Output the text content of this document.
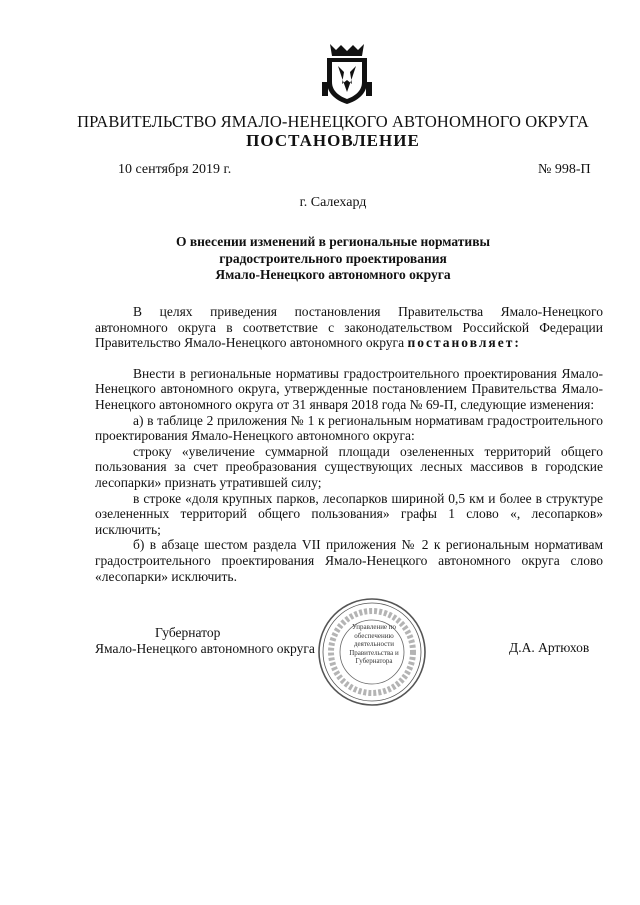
ПРАВИТЕЛЬСТВО ЯМАЛО-НЕНЕЦКОГО АВТОНОМНОГО ОКРУГА
ПОСТАНОВЛЕНИЕ
10 сентября 2019 г.	№ 998-П
г. Салехард
О внесении изменений в региональные нормативы
градостроительного проектирования
Ямало-Ненецкого автономного округа

В целях приведения постановления Правительства Ямало-Ненецкого автономного округа в соответствие с законодательством Российской Федерации Правительство Ямало-Ненецкого автономного округа постановляет:

Внести в региональные нормативы градостроительного проектирования Ямало-Ненецкого автономного округа, утвержденные постановлением Правительства Ямало-Ненецкого автономного округа от 31 января 2018 года № 69-П, следующие изменения:

а) в таблице 2 приложения № 1 к региональным нормативам градостроительного проектирования Ямало-Ненецкого автономного округа:

строку «увеличение суммарной площади озелененных территорий общего пользования за счет преобразования существующих лесных массивов в городские лесопарки» признать утратившей силу;

в строке «доля крупных парков, лесопарков шириной 0,5 км и более в структуре озелененных территорий общего пользования» графы 1 слово «, лесопарков» исключить;

б) в абзаце шестом раздела VII приложения № 2 к региональным нормативам градостроительного проектирования Ямало-Ненецкого автономного округа слово «лесопарки» исключить.

Управление по обеспечению деятельности Правительства и Губернатора
Губернатор
Ямало-Ненецкого автономного округа	Д.А. Артюхов
